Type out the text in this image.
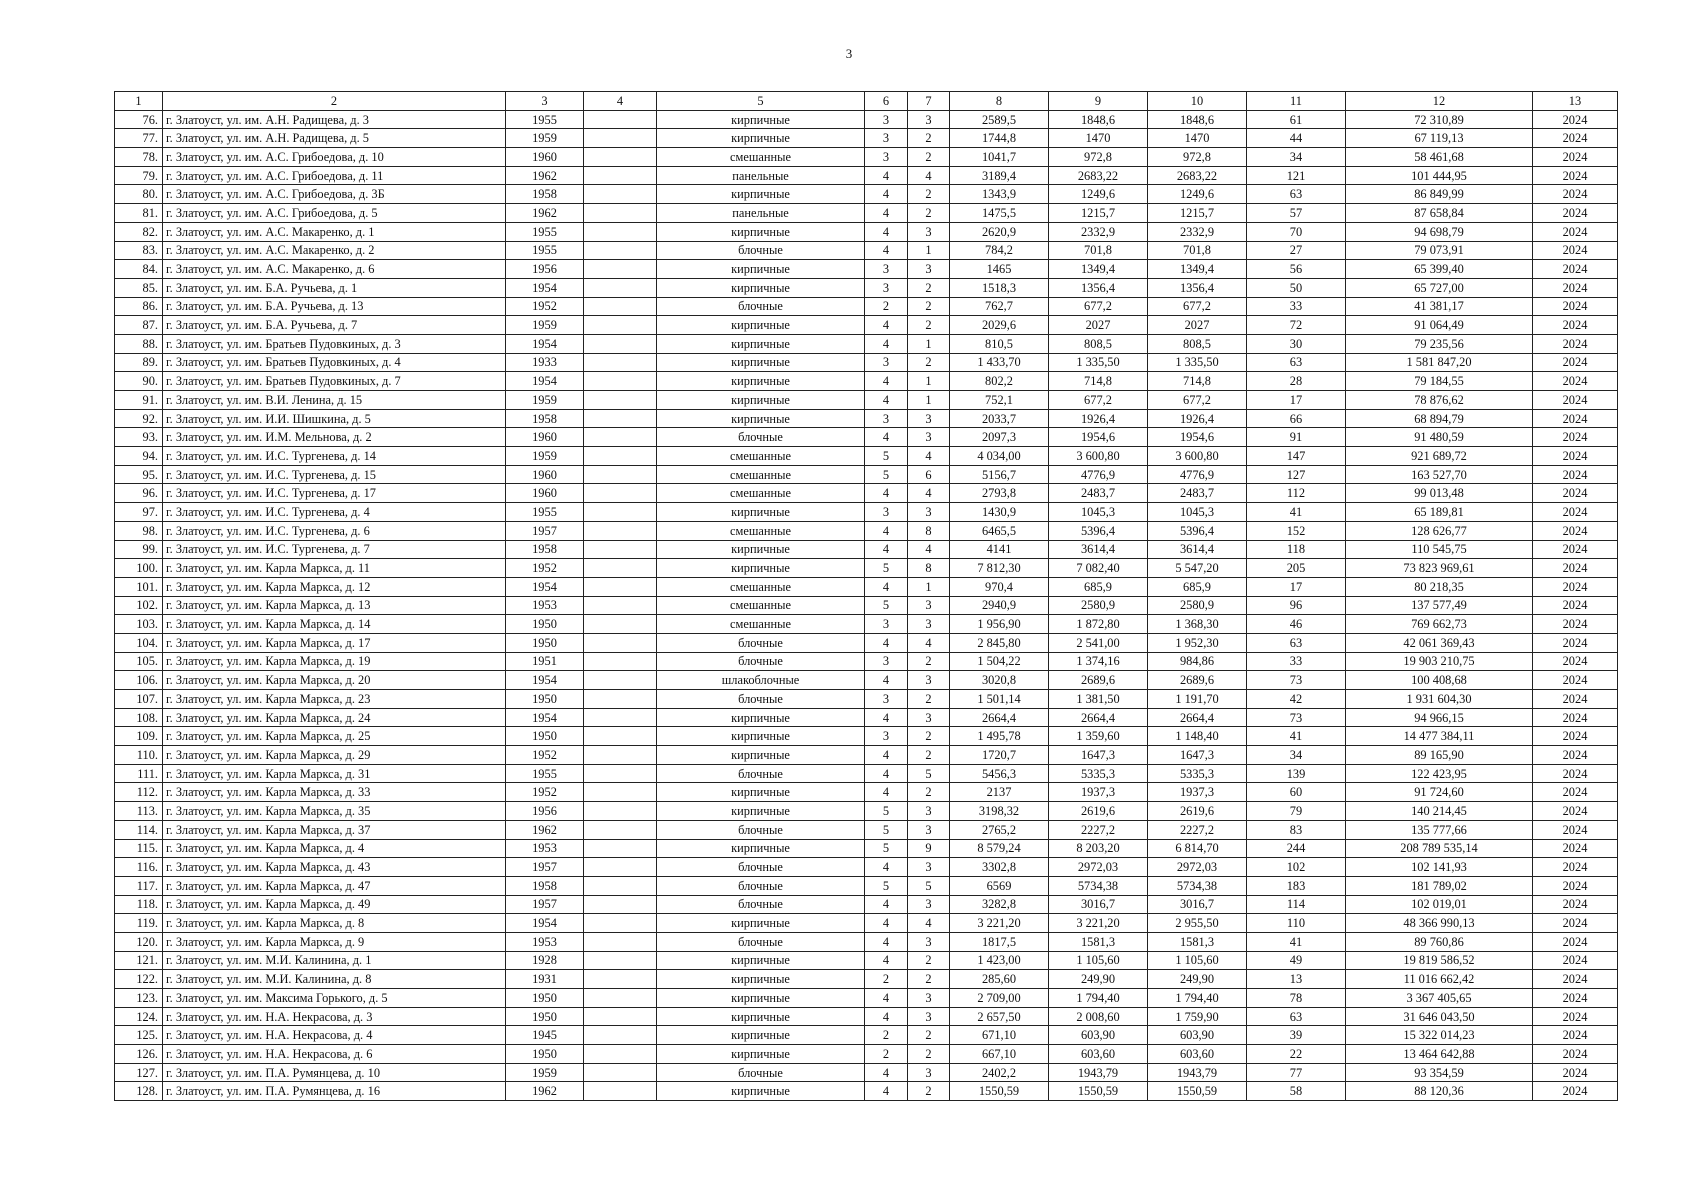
3
1	2	3	4	5	6	7	8	9	10	11	12	13
76.	г. Златоуст, ул. им. А.Н. Радищева, д. 3	1955		кирпичные	3	3	2589,5	1848,6	1848,6	61	72 310,89	2024
77.	г. Златоуст, ул. им. А.Н. Радищева, д. 5	1959		кирпичные	3	2	1744,8	1470	1470	44	67 119,13	2024
78.	г. Златоуст, ул. им. А.С. Грибоедова, д. 10	1960		смешанные	3	2	1041,7	972,8	972,8	34	58 461,68	2024
79.	г. Златоуст, ул. им. А.С. Грибоедова, д. 11	1962		панельные	4	4	3189,4	2683,22	2683,22	121	101 444,95	2024
80.	г. Златоуст, ул. им. А.С. Грибоедова, д. 3Б	1958		кирпичные	4	2	1343,9	1249,6	1249,6	63	86 849,99	2024
81.	г. Златоуст, ул. им. А.С. Грибоедова, д. 5	1962		панельные	4	2	1475,5	1215,7	1215,7	57	87 658,84	2024
82.	г. Златоуст, ул. им. А.С. Макаренко, д. 1	1955		кирпичные	4	3	2620,9	2332,9	2332,9	70	94 698,79	2024
83.	г. Златоуст, ул. им. А.С. Макаренко, д. 2	1955		блочные	4	1	784,2	701,8	701,8	27	79 073,91	2024
84.	г. Златоуст, ул. им. А.С. Макаренко, д. 6	1956		кирпичные	3	3	1465	1349,4	1349,4	56	65 399,40	2024
85.	г. Златоуст, ул. им. Б.А. Ручьева, д. 1	1954		кирпичные	3	2	1518,3	1356,4	1356,4	50	65 727,00	2024
86.	г. Златоуст, ул. им. Б.А. Ручьева, д. 13	1952		блочные	2	2	762,7	677,2	677,2	33	41 381,17	2024
87.	г. Златоуст, ул. им. Б.А. Ручьева, д. 7	1959		кирпичные	4	2	2029,6	2027	2027	72	91 064,49	2024
88.	г. Златоуст, ул. им. Братьев Пудовкиных, д. 3	1954		кирпичные	4	1	810,5	808,5	808,5	30	79 235,56	2024
89.	г. Златоуст, ул. им. Братьев Пудовкиных, д. 4	1933		кирпичные	3	2	1 433,70	1 335,50	1 335,50	63	1 581 847,20	2024
90.	г. Златоуст, ул. им. Братьев Пудовкиных, д. 7	1954		кирпичные	4	1	802,2	714,8	714,8	28	79 184,55	2024
91.	г. Златоуст, ул. им. В.И. Ленина, д. 15	1959		кирпичные	4	1	752,1	677,2	677,2	17	78 876,62	2024
92.	г. Златоуст, ул. им. И.И. Шишкина, д. 5	1958		кирпичные	3	3	2033,7	1926,4	1926,4	66	68 894,79	2024
93.	г. Златоуст, ул. им. И.М. Мельнова, д. 2	1960		блочные	4	3	2097,3	1954,6	1954,6	91	91 480,59	2024
94.	г. Златоуст, ул. им. И.С. Тургенева, д. 14	1959		смешанные	5	4	4 034,00	3 600,80	3 600,80	147	921 689,72	2024
95.	г. Златоуст, ул. им. И.С. Тургенева, д. 15	1960		смешанные	5	6	5156,7	4776,9	4776,9	127	163 527,70	2024
96.	г. Златоуст, ул. им. И.С. Тургенева, д. 17	1960		смешанные	4	4	2793,8	2483,7	2483,7	112	99 013,48	2024
97.	г. Златоуст, ул. им. И.С. Тургенева, д. 4	1955		кирпичные	3	3	1430,9	1045,3	1045,3	41	65 189,81	2024
98.	г. Златоуст, ул. им. И.С. Тургенева, д. 6	1957		смешанные	4	8	6465,5	5396,4	5396,4	152	128 626,77	2024
99.	г. Златоуст, ул. им. И.С. Тургенева, д. 7	1958		кирпичные	4	4	4141	3614,4	3614,4	118	110 545,75	2024
100.	г. Златоуст, ул. им. Карла Маркса, д. 11	1952		кирпичные	5	8	7 812,30	7 082,40	5 547,20	205	73 823 969,61	2024
101.	г. Златоуст, ул. им. Карла Маркса, д. 12	1954		смешанные	4	1	970,4	685,9	685,9	17	80 218,35	2024
102.	г. Златоуст, ул. им. Карла Маркса, д. 13	1953		смешанные	5	3	2940,9	2580,9	2580,9	96	137 577,49	2024
103.	г. Златоуст, ул. им. Карла Маркса, д. 14	1950		смешанные	3	3	1 956,90	1 872,80	1 368,30	46	769 662,73	2024
104.	г. Златоуст, ул. им. Карла Маркса, д. 17	1950		блочные	4	4	2 845,80	2 541,00	1 952,30	63	42 061 369,43	2024
105.	г. Златоуст, ул. им. Карла Маркса, д. 19	1951		блочные	3	2	1 504,22	1 374,16	984,86	33	19 903 210,75	2024
106.	г. Златоуст, ул. им. Карла Маркса, д. 20	1954		шлакоблочные	4	3	3020,8	2689,6	2689,6	73	100 408,68	2024
107.	г. Златоуст, ул. им. Карла Маркса, д. 23	1950		блочные	3	2	1 501,14	1 381,50	1 191,70	42	1 931 604,30	2024
108.	г. Златоуст, ул. им. Карла Маркса, д. 24	1954		кирпичные	4	3	2664,4	2664,4	2664,4	73	94 966,15	2024
109.	г. Златоуст, ул. им. Карла Маркса, д. 25	1950		кирпичные	3	2	1 495,78	1 359,60	1 148,40	41	14 477 384,11	2024
110.	г. Златоуст, ул. им. Карла Маркса, д. 29	1952		кирпичные	4	2	1720,7	1647,3	1647,3	34	89 165,90	2024
111.	г. Златоуст, ул. им. Карла Маркса, д. 31	1955		блочные	4	5	5456,3	5335,3	5335,3	139	122 423,95	2024
112.	г. Златоуст, ул. им. Карла Маркса, д. 33	1952		кирпичные	4	2	2137	1937,3	1937,3	60	91 724,60	2024
113.	г. Златоуст, ул. им. Карла Маркса, д. 35	1956		кирпичные	5	3	3198,32	2619,6	2619,6	79	140 214,45	2024
114.	г. Златоуст, ул. им. Карла Маркса, д. 37	1962		блочные	5	3	2765,2	2227,2	2227,2	83	135 777,66	2024
115.	г. Златоуст, ул. им. Карла Маркса, д. 4	1953		кирпичные	5	9	8 579,24	8 203,20	6 814,70	244	208 789 535,14	2024
116.	г. Златоуст, ул. им. Карла Маркса, д. 43	1957		блочные	4	3	3302,8	2972,03	2972,03	102	102 141,93	2024
117.	г. Златоуст, ул. им. Карла Маркса, д. 47	1958		блочные	5	5	6569	5734,38	5734,38	183	181 789,02	2024
118.	г. Златоуст, ул. им. Карла Маркса, д. 49	1957		блочные	4	3	3282,8	3016,7	3016,7	114	102 019,01	2024
119.	г. Златоуст, ул. им. Карла Маркса, д. 8	1954		кирпичные	4	4	3 221,20	3 221,20	2 955,50	110	48 366 990,13	2024
120.	г. Златоуст, ул. им. Карла Маркса, д. 9	1953		блочные	4	3	1817,5	1581,3	1581,3	41	89 760,86	2024
121.	г. Златоуст, ул. им. М.И. Калинина, д. 1	1928		кирпичные	4	2	1 423,00	1 105,60	1 105,60	49	19 819 586,52	2024
122.	г. Златоуст, ул. им. М.И. Калинина, д. 8	1931		кирпичные	2	2	285,60	249,90	249,90	13	11 016 662,42	2024
123.	г. Златоуст, ул. им. Максима Горького, д. 5	1950		кирпичные	4	3	2 709,00	1 794,40	1 794,40	78	3 367 405,65	2024
124.	г. Златоуст, ул. им. Н.А. Некрасова, д. 3	1950		кирпичные	4	3	2 657,50	2 008,60	1 759,90	63	31 646 043,50	2024
125.	г. Златоуст, ул. им. Н.А. Некрасова, д. 4	1945		кирпичные	2	2	671,10	603,90	603,90	39	15 322 014,23	2024
126.	г. Златоуст, ул. им. Н.А. Некрасова, д. 6	1950		кирпичные	2	2	667,10	603,60	603,60	22	13 464 642,88	2024
127.	г. Златоуст, ул. им. П.А. Румянцева, д. 10	1959		блочные	4	3	2402,2	1943,79	1943,79	77	93 354,59	2024
128.	г. Златоуст, ул. им. П.А. Румянцева, д. 16	1962		кирпичные	4	2	1550,59	1550,59	1550,59	58	88 120,36	2024
